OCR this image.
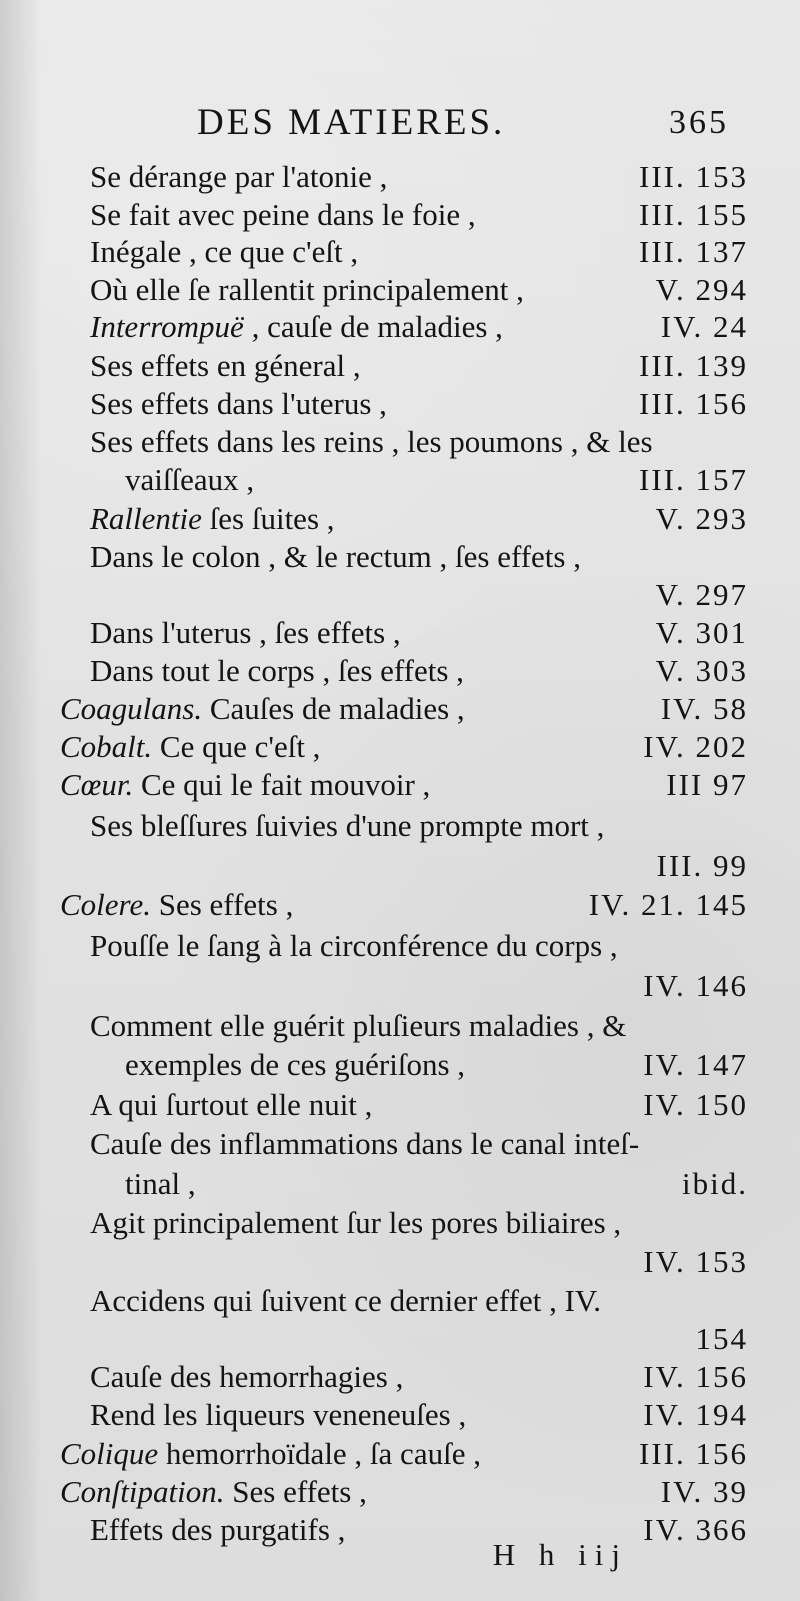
DES MATIERES.	365
Se dérange par l'atonie ,	III. 153
Se fait avec peine dans le foie ,	III. 155
Inégale , ce que c'eſt ,	III. 137
Où elle ſe rallentit principalement ,	V. 294
Interrompuë , cauſe de maladies ,	IV. 24
Ses effets en géneral ,	III. 139
Ses effets dans l'uterus ,	III. 156
Ses effets dans les reins , les poumons , & les
vaiſſeaux ,	III. 157
Rallentie ſes ſuites ,	V. 293
Dans le colon , & le rectum , ſes effets ,
V. 297
Dans l'uterus , ſes effets ,	V. 301
Dans tout le corps , ſes effets ,	V. 303
Coagulans. Cauſes de maladies ,	IV. 58
Cobalt. Ce que c'eſt ,	IV. 202
Cœur. Ce qui le fait mouvoir ,	III 97
Ses bleſſures ſuivies d'une prompte mort ,
III. 99
Colere. Ses effets ,	IV. 21. 145
Pouſſe le ſang à la circonférence du corps ,
IV. 146
Comment elle guérit pluſieurs maladies , &
exemples de ces guériſons ,	IV. 147
A qui ſurtout elle nuit ,	IV. 150
Cauſe des inflammations dans le canal inteſ-
tinal ,	ibid.
Agit principalement ſur les pores biliaires ,
IV. 153
Accidens qui ſuivent ce dernier effet , IV.
154
Cauſe des hemorrhagies ,	IV. 156
Rend les liqueurs veneneuſes ,	IV. 194
Colique hemorrhoïdale , ſa cauſe ,	III. 156
Conſtipation. Ses effets ,	IV. 39
Effets des purgatifs ,	IV. 366
H h iij
